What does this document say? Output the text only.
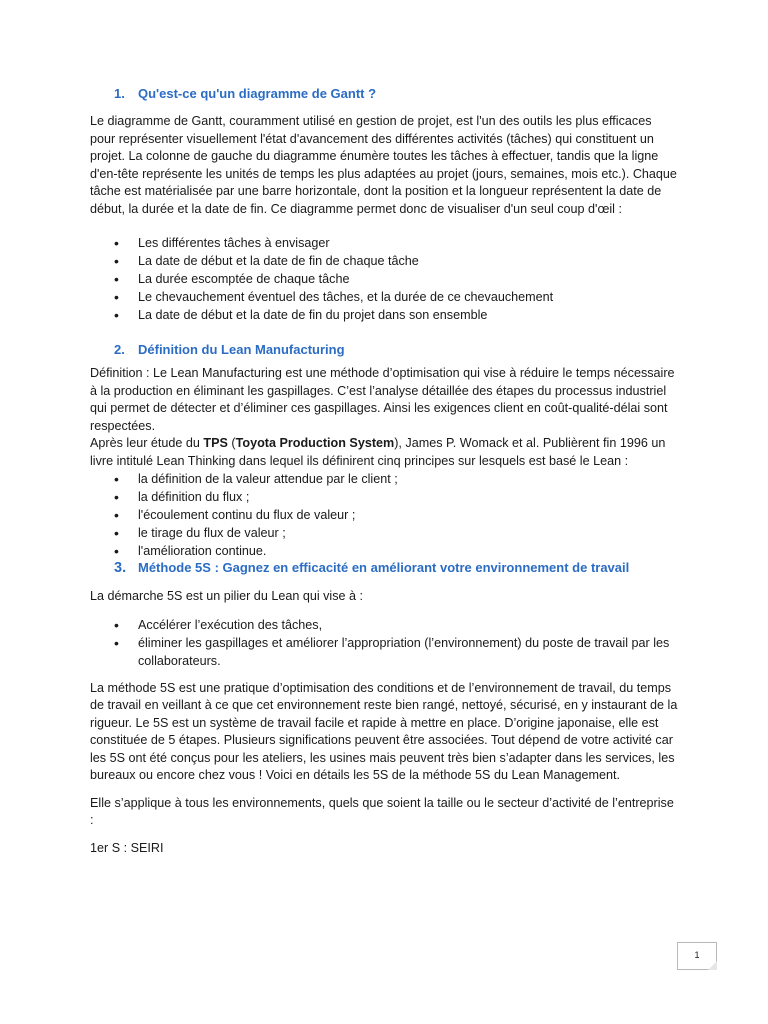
1. Qu'est-ce qu'un diagramme de Gantt ?

Le diagramme de Gantt, couramment utilisé en gestion de projet, est l'un des outils les plus efficaces pour représenter visuellement l'état d'avancement des différentes activités (tâches) qui constituent un projet. La colonne de gauche du diagramme énumère toutes les tâches à effectuer, tandis que la ligne d'en-tête représente les unités de temps les plus adaptées au projet (jours, semaines, mois etc.). Chaque tâche est matérialisée par une barre horizontale, dont la position et la longueur représentent la date de début, la durée et la date de fin. Ce diagramme permet donc de visualiser d'un seul coup d'œil :

• Les différentes tâches à envisager
• La date de début et la date de fin de chaque tâche
• La durée escomptée de chaque tâche
• Le chevauchement éventuel des tâches, et la durée de ce chevauchement
• La date de début et la date de fin du projet dans son ensemble
2. Définition du Lean Manufacturing

Définition : Le Lean Manufacturing est une méthode d’optimisation qui vise à réduire le temps nécessaire à la production en éliminant les gaspillages. C’est l’analyse détaillée des étapes du processus industriel qui permet de détecter et d’éliminer ces gaspillages. Ainsi les exigences client en coût-qualité-délai sont respectées.

Après leur étude du TPS (Toyota Production System), James P. Womack et al. Publièrent fin 1996 un livre intitulé Lean Thinking dans lequel ils définirent cinq principes sur lesquels est basé le Lean :

• la définition de la valeur attendue par le client ;
• la définition du flux ;
• l'écoulement continu du flux de valeur ;
• le tirage du flux de valeur ;
• l'amélioration continue.
3. Méthode 5S : Gagnez en efficacité en améliorant votre environnement de travail

La démarche 5S est un pilier du Lean qui vise à :

• Accélérer l’exécution des tâches,
• éliminer les gaspillages et améliorer l’appropriation (l’environnement) du poste de travail par les collaborateurs.

La méthode 5S est une pratique d’optimisation des conditions et de l’environnement de travail, du temps de travail en veillant à ce que cet environnement reste bien rangé, nettoyé, sécurisé, en y instaurant de la rigueur. Le 5S est un système de travail facile et rapide à mettre en place. D’origine japonaise, elle est constituée de 5 étapes. Plusieurs significations peuvent être associées. Tout dépend de votre activité car les 5S ont été conçus pour les ateliers, les usines mais peuvent très bien s’adapter dans les services, les bureaux ou encore chez vous ! Voici en détails les 5S de la méthode 5S du Lean Management.

Elle s’applique à tous les environnements, quels que soient la taille ou le secteur d’activité de l’entreprise :

1er S : SEIRI

1
